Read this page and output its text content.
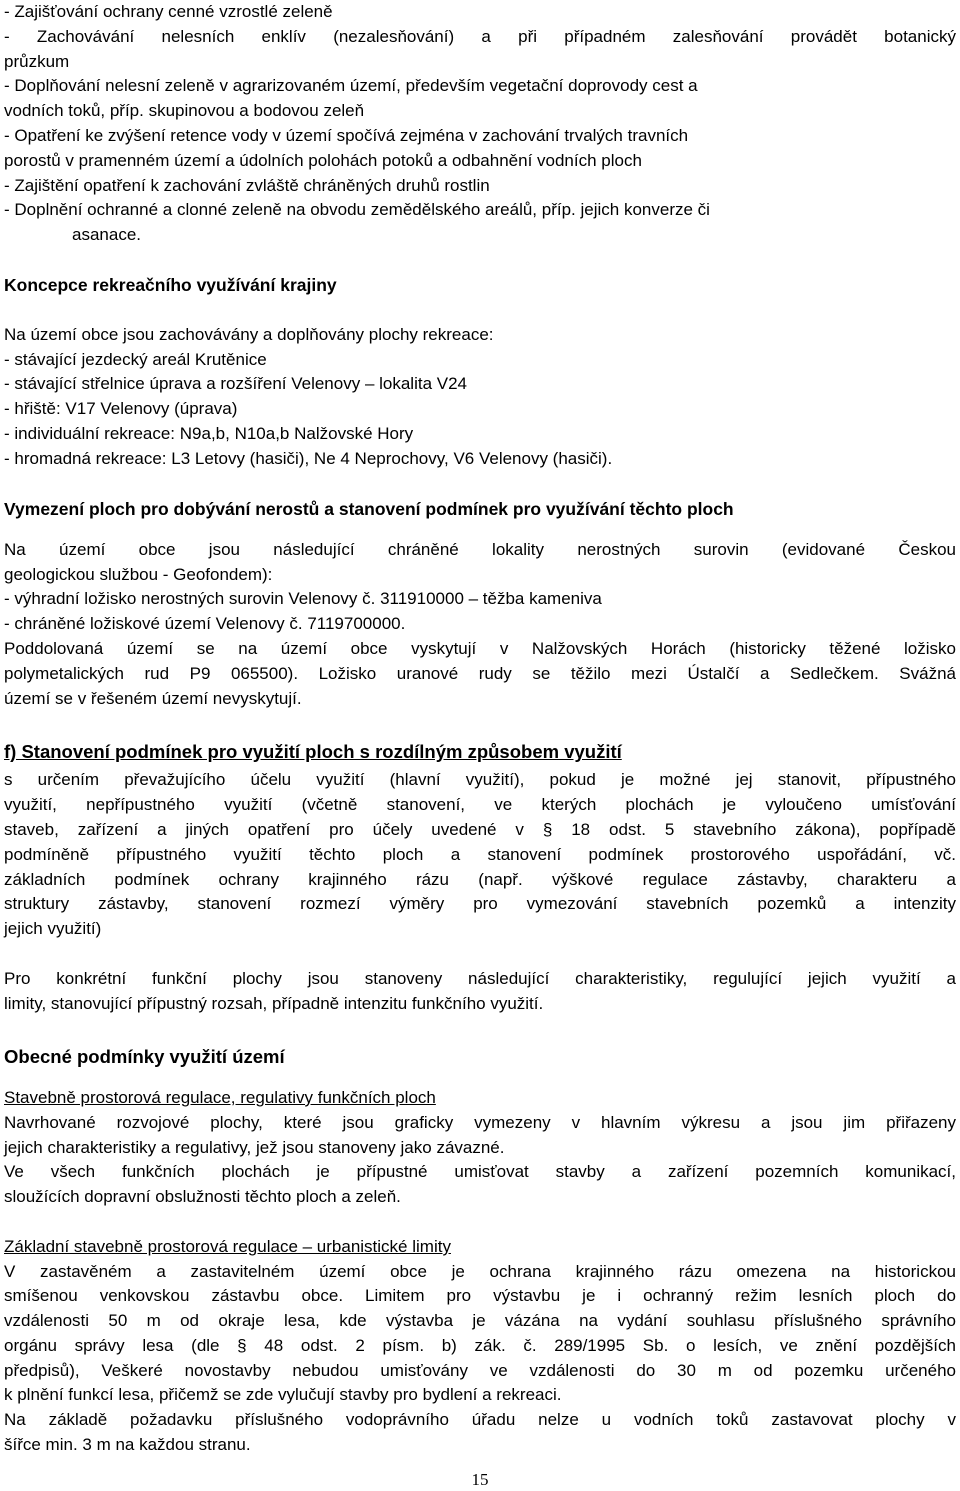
- Zajišťování ochrany cenné vzrostlé zeleně
- Zachovávání nelesních enklív (nezalesňování) a při případném zalesňování provádět botanický
průzkum
- Doplňování nelesní zeleně v agrarizovaném území, především vegetační doprovody cest a
vodních toků, příp. skupinovou a bodovou zeleň
- Opatření ke zvýšení retence vody v území spočívá zejména v zachování trvalých travních
porostů v pramenném území a údolních polohách potoků a odbahnění vodních ploch
- Zajištění opatření k zachování zvláště chráněných druhů rostlin
- Doplnění ochranné a clonné zeleně na obvodu zemědělského areálů, příp. jejich konverze či
asanace.
Koncepce rekreačního využívání krajiny
Na území obce jsou zachovávány a doplňovány plochy rekreace:
- stávající jezdecký areál Krutěnice
- stávající střelnice úprava a rozšíření Velenovy – lokalita V24
- hřiště: V17 Velenovy (úprava)
- individuální rekreace: N9a,b, N10a,b Nalžovské Hory
- hromadná rekreace: L3 Letovy (hasiči), Ne 4 Neprochovy, V6 Velenovy (hasiči).
Vymezení ploch pro dobývání nerostů a stanovení podmínek pro využívání těchto ploch
Na území obce jsou následující chráněné lokality nerostných surovin (evidované Českou
geologickou službou - Geofondem):
- výhradní ložisko nerostných surovin Velenovy č. 311910000 – těžba kameniva
- chráněné ložiskové území Velenovy č. 7119700000.
Poddolovaná území se na území obce vyskytují v Nalžovských Horách (historicky těžené ložisko
polymetalických rud P9 065500). Ložisko uranové rudy se těžilo mezi Ústalčí a Sedlečkem. Svážná
území se v řešeném území nevyskytují.
f) Stanovení podmínek pro využití ploch s rozdílným způsobem využití
s určením převažujícího účelu využití (hlavní využití), pokud je možné jej stanovit, přípustného
využití, nepřípustného využití (včetně stanovení, ve kterých plochách je vyloučeno umísťování
staveb, zařízení a jiných opatření pro účely uvedené v § 18 odst. 5 stavebního zákona), popřípadě
podmíněně přípustného využití těchto ploch a stanovení podmínek prostorového uspořádání, vč.
základních podmínek ochrany krajinného rázu (např. výškové regulace zástavby, charakteru a
struktury zástavby, stanovení rozmezí výměry pro vymezování stavebních pozemků a intenzity
jejich využití)
Pro konkrétní funkční plochy jsou stanoveny následující charakteristiky, regulující jejich využití a
limity, stanovující přípustný rozsah, případně intenzitu funkčního využití.
Obecné podmínky využití území
Stavebně prostorová regulace, regulativy funkčních ploch
Navrhované rozvojové plochy, které jsou graficky vymezeny v hlavním výkresu a jsou jim přiřazeny
jejich charakteristiky a regulativy, jež jsou stanoveny jako závazné.
Ve všech funkčních plochách je přípustné umisťovat stavby a zařízení pozemních komunikací,
sloužících dopravní obslužnosti těchto ploch a zeleň.
Základní stavebně prostorová regulace – urbanistické limity
V zastavěném a zastavitelném území obce je ochrana krajinného rázu omezena na historickou
smíšenou venkovskou zástavbu obce. Limitem pro výstavbu je i ochranný režim lesních ploch do
vzdálenosti 50 m od okraje lesa, kde výstavba je vázána na vydání souhlasu příslušného správního
orgánu správy lesa (dle § 48 odst. 2 písm. b) zák. č. 289/1995 Sb. o lesích, ve znění pozdějších
předpisů), Veškeré novostavby nebudou umisťovány ve vzdálenosti do 30 m od pozemku určeného
k plnění funkcí lesa, přičemž se zde vylučují stavby pro bydlení a rekreaci.
Na základě požadavku příslušného vodoprávního úřadu nelze u vodních toků zastavovat plochy v
šířce min. 3 m na každou stranu.
15
